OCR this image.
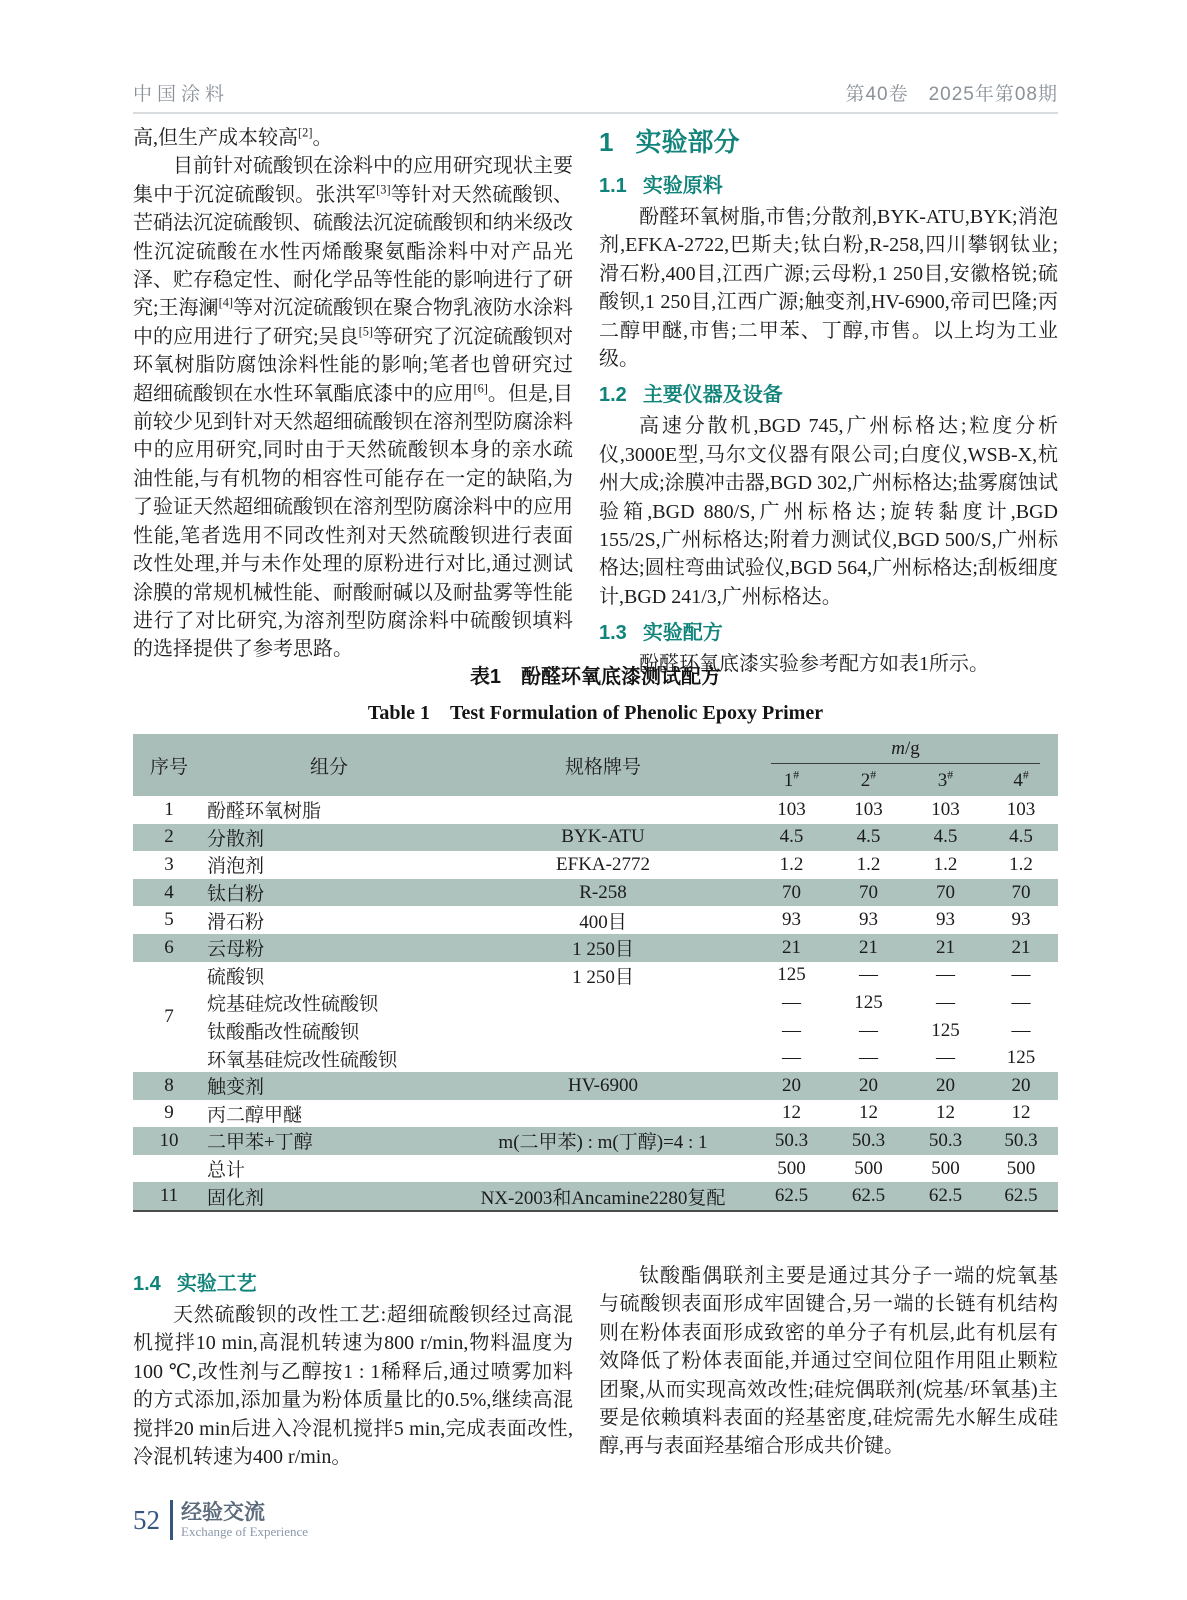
中国涂料	第40卷　2025年第08期

高,但生产成本较高[2]。

目前针对硫酸钡在涂料中的应用研究现状主要集中于沉淀硫酸钡。张洪军[3]等针对天然硫酸钡、芒硝法沉淀硫酸钡、硫酸法沉淀硫酸钡和纳米级改性沉淀硫酸在水性丙烯酸聚氨酯涂料中对产品光泽、贮存稳定性、耐化学品等性能的影响进行了研究;王海澜[4]等对沉淀硫酸钡在聚合物乳液防水涂料中的应用进行了研究;吴良[5]等研究了沉淀硫酸钡对环氧树脂防腐蚀涂料性能的影响;笔者也曾研究过超细硫酸钡在水性环氧酯底漆中的应用[6]。但是,目前较少见到针对天然超细硫酸钡在溶剂型防腐涂料中的应用研究,同时由于天然硫酸钡本身的亲水疏油性能,与有机物的相容性可能存在一定的缺陷,为了验证天然超细硫酸钡在溶剂型防腐涂料中的应用性能,笔者选用不同改性剂对天然硫酸钡进行表面改性处理,并与未作处理的原粉进行对比,通过测试涂膜的常规机械性能、耐酸耐碱以及耐盐雾等性能进行了对比研究,为溶剂型防腐涂料中硫酸钡填料的选择提供了参考思路。

1 实验部分
1.1 实验原料

酚醛环氧树脂,市售;分散剂,BYK-ATU,BYK;消泡剂,EFKA-2722,巴斯夫;钛白粉,R-258,四川攀钢钛业;滑石粉,400目,江西广源;云母粉,1 250目,安徽格锐;硫酸钡,1 250目,江西广源;触变剂,HV-6900,帝司巴隆;丙二醇甲醚,市售;二甲苯、丁醇,市售。以上均为工业级。

1.2 主要仪器及设备

高速分散机,BGD 745,广州标格达;粒度分析仪,3000E型,马尔文仪器有限公司;白度仪,WSB-X,杭州大成;涂膜冲击器,BGD 302,广州标格达;盐雾腐蚀试验箱,BGD 880/S,广州标格达;旋转黏度计,BGD 155/2S,广州标格达;附着力测试仪,BGD 500/S,广州标格达;圆柱弯曲试验仪,BGD 564,广州标格达;刮板细度计,BGD 241/3,广州标格达。

1.3 实验配方

酚醛环氧底漆实验参考配方如表1所示。

表1　酚醛环氧底漆测试配方
Table 1　Test Formulation of Phenolic Epoxy Primer
序号	组分	规格牌号	m/g			

			1#	2#	3#	4#
1	酚醛环氧树脂		103	103	103	103
2	分散剂	BYK-ATU	4.5	4.5	4.5	4.5
3	消泡剂	EFKA-2772	1.2	1.2	1.2	1.2
4	钛白粉	R-258	70	70	70	70
5	滑石粉	400目	93	93	93	93
6	云母粉	1 250目	21	21	21	21
7	硫酸钡	1 250目	125	—	—	—
	烷基硅烷改性硫酸钡		—	125	—	—
	钛酸酯改性硫酸钡		—	—	125	—
	环氧基硅烷改性硫酸钡		—	—	—	125
8	触变剂	HV-6900	20	20	20	20
9	丙二醇甲醚		12	12	12	12
10	二甲苯+丁醇	m(二甲苯) : m(丁醇)=4 : 1	50.3	50.3	50.3	50.3
	总计		500	500	500	500
11	固化剂	NX-2003和Ancamine2280复配	62.5	62.5	62.5	62.5
1.4 实验工艺

天然硫酸钡的改性工艺:超细硫酸钡经过高混机搅拌10 min,高混机转速为800 r/min,物料温度为100 ℃,改性剂与乙醇按1 : 1稀释后,通过喷雾加料的方式添加,添加量为粉体质量比的0.5%,继续高混搅拌20 min后进入冷混机搅拌5 min,完成表面改性,冷混机转速为400 r/min。

钛酸酯偶联剂主要是通过其分子一端的烷氧基与硫酸钡表面形成牢固键合,另一端的长链有机结构则在粉体表面形成致密的单分子有机层,此有机层有效降低了粉体表面能,并通过空间位阻作用阻止颗粒团聚,从而实现高效改性;硅烷偶联剂(烷基/环氧基)主要是依赖填料表面的羟基密度,硅烷需先水解生成硅醇,再与表面羟基缩合形成共价键。

52 经验交流
Exchange of Experience
